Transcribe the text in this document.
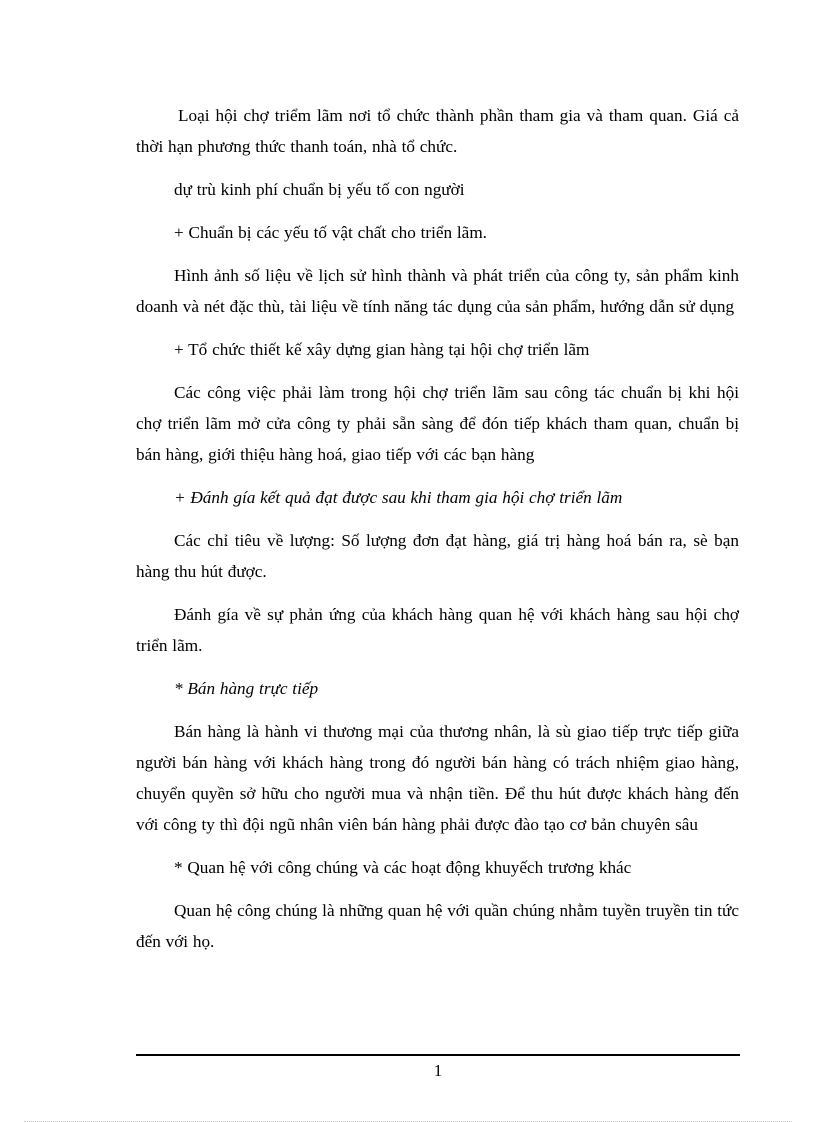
Loại hội chợ triểm lãm nơi tổ chức thành phần tham gia và tham quan. Giá cả thời hạn phương thức thanh toán, nhà tổ chức.

dự trù kinh phí chuẩn bị yếu tố con người

+ Chuẩn bị các yếu tố vật chất cho triển lãm.

Hình ảnh số liệu về lịch sử hình thành và phát triển của công ty, sản phẩm kinh doanh và nét đặc thù, tài liệu về tính năng tác dụng của sản phẩm, hướng dẫn sử dụng

+ Tổ chức thiết kế xây dựng gian hàng tại hội chợ triển lãm

Các công việc phải làm trong hội chợ triển lãm sau công tác chuẩn bị khi hội chợ triển lãm mở cửa công ty phải sẵn sàng để đón tiếp khách tham quan, chuẩn bị bán hàng, giới thiệu hàng hoá, giao tiếp với các bạn hàng

+ Đánh gía kết quả đạt được sau khi tham gia hội chợ triển lãm

Các chỉ tiêu về lượng: Số lượng đơn đạt hàng, giá trị hàng hoá bán ra, sè bạn hàng thu hút được.

Đánh gía về sự phản ứng của khách hàng quan hệ với khách hàng sau hội chợ triển lãm.

* Bán hàng trực tiếp

Bán hàng là hành vi thương mại của thương nhân, là sù giao tiếp trực tiếp giữa người bán hàng với khách hàng trong đó người bán hàng có trách nhiệm giao hàng, chuyển quyền sở hữu cho người mua và nhận tiền. Để thu hút được khách hàng đến với công ty thì đội ngũ nhân viên bán hàng phải được đào tạo cơ bản chuyên sâu

* Quan hệ với công chúng và các hoạt động khuyếch trương khác

Quan hệ công chúng là những quan hệ với quần chúng nhằm tuyền truyền tin tức đến với họ.

1
